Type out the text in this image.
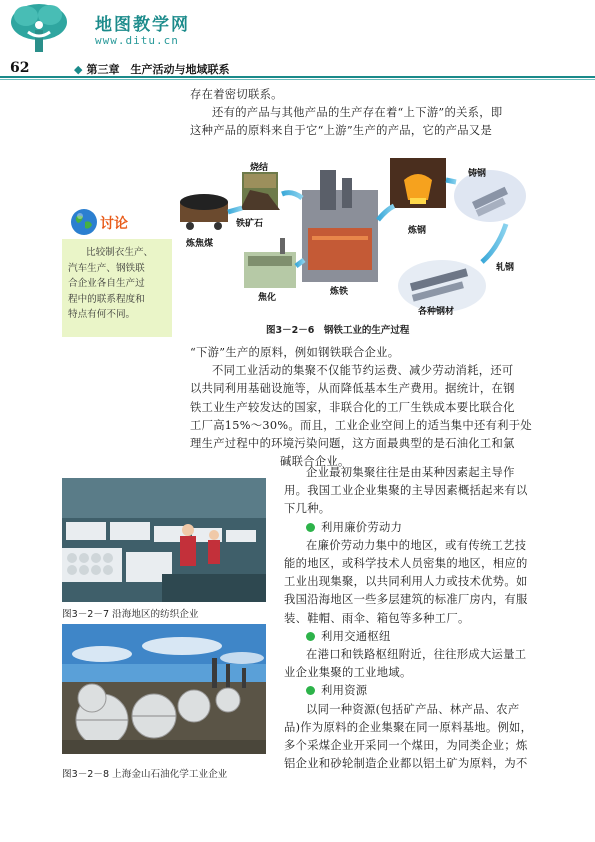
地图教学网
www.ditu.cn
62	◆ 第三章　生产活动与地域联系
存在着密切联系。
还有的产品与其他产品的生产存在着“上下游”的关系，即
这种产品的原料来自于它“上游”生产的产品，它的产品又是
讨论
比较制衣生产、
汽车生产、钢铁联
合企业各自生产过
程中的联系程度和
特点有何不同。
烧结
铁矿石
炼焦煤
焦化
炼铁
炼钢
铸钢
轧钢
各种钢材
图3－2－6　钢铁工业的生产过程
“下游”生产的原料，例如钢铁联合企业。
不同工业活动的集聚不仅能节约运费、减少劳动消耗，还可
以共同利用基础设施等，从而降低基本生产费用。据统计，在钢
铁工业生产较发达的国家，非联合化的工厂生铁成本要比联合化
工厂高15%～30%。而且，工业企业空间上的适当集中还有利于处
理生产过程中的环境污染问题，这方面最典型的是石油化工和氯
碱联合企业。
图3－2－7 沿海地区的纺织企业
图3－2－8 上海金山石油化学工业企业
企业最初集聚往往是由某种因素起主导作
用。我国工业企业集聚的主导因素概括起来有以
下几种。
利用廉价劳动力
在廉价劳动力集中的地区，或有传统工艺技
能的地区，或科学技术人员密集的地区，相应的
工业出现集聚，以共同利用人力或技术优势。如
我国沿海地区一些多层建筑的标准厂房内，有服
装、鞋帽、雨伞、箱包等多种工厂。
利用交通枢纽
在港口和铁路枢纽附近，往往形成大运量工
业企业集聚的工业地域。
利用资源
以同一种资源(包括矿产品、林产品、农产
品)作为原料的企业集聚在同一原料基地。例如，
多个采煤企业开采同一个煤田，为同类企业；炼
铝企业和砂轮制造企业都以铝土矿为原料，为不
